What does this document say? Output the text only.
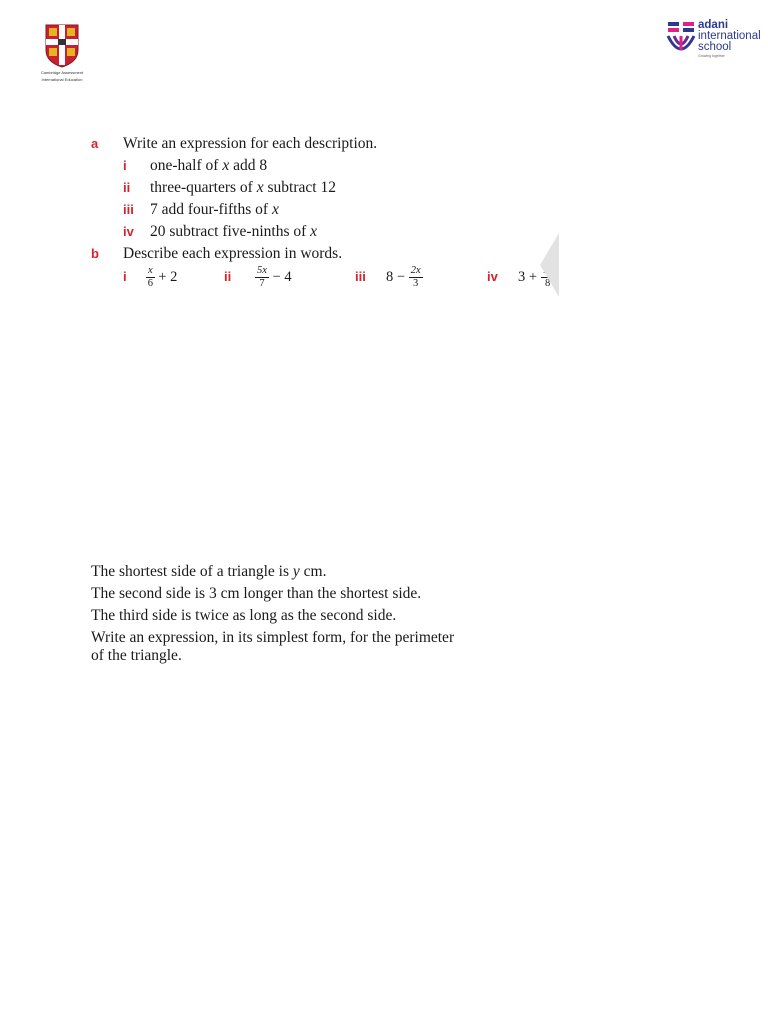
Cambridge Assessment
International Education
adani
international
school
Growing together
a Write an expression for each description.
i one-half of x add 8
ii three-quarters of x subtract 12
iii 7 add four-fifths of x
iv 20 subtract five-ninths of x
b Describe each expression in words.
i $\frac{x}{6} + 2$	ii $\frac{5x}{7} - 4$	iii $8 - \frac{2x}{3}$	iv 3 + 8
The shortest side of a triangle is y cm.
The second side is 3 cm longer than the shortest side.
The third side is twice as long as the second side.
Write an expression, in its simplest form, for the perimeter
of the triangle.
